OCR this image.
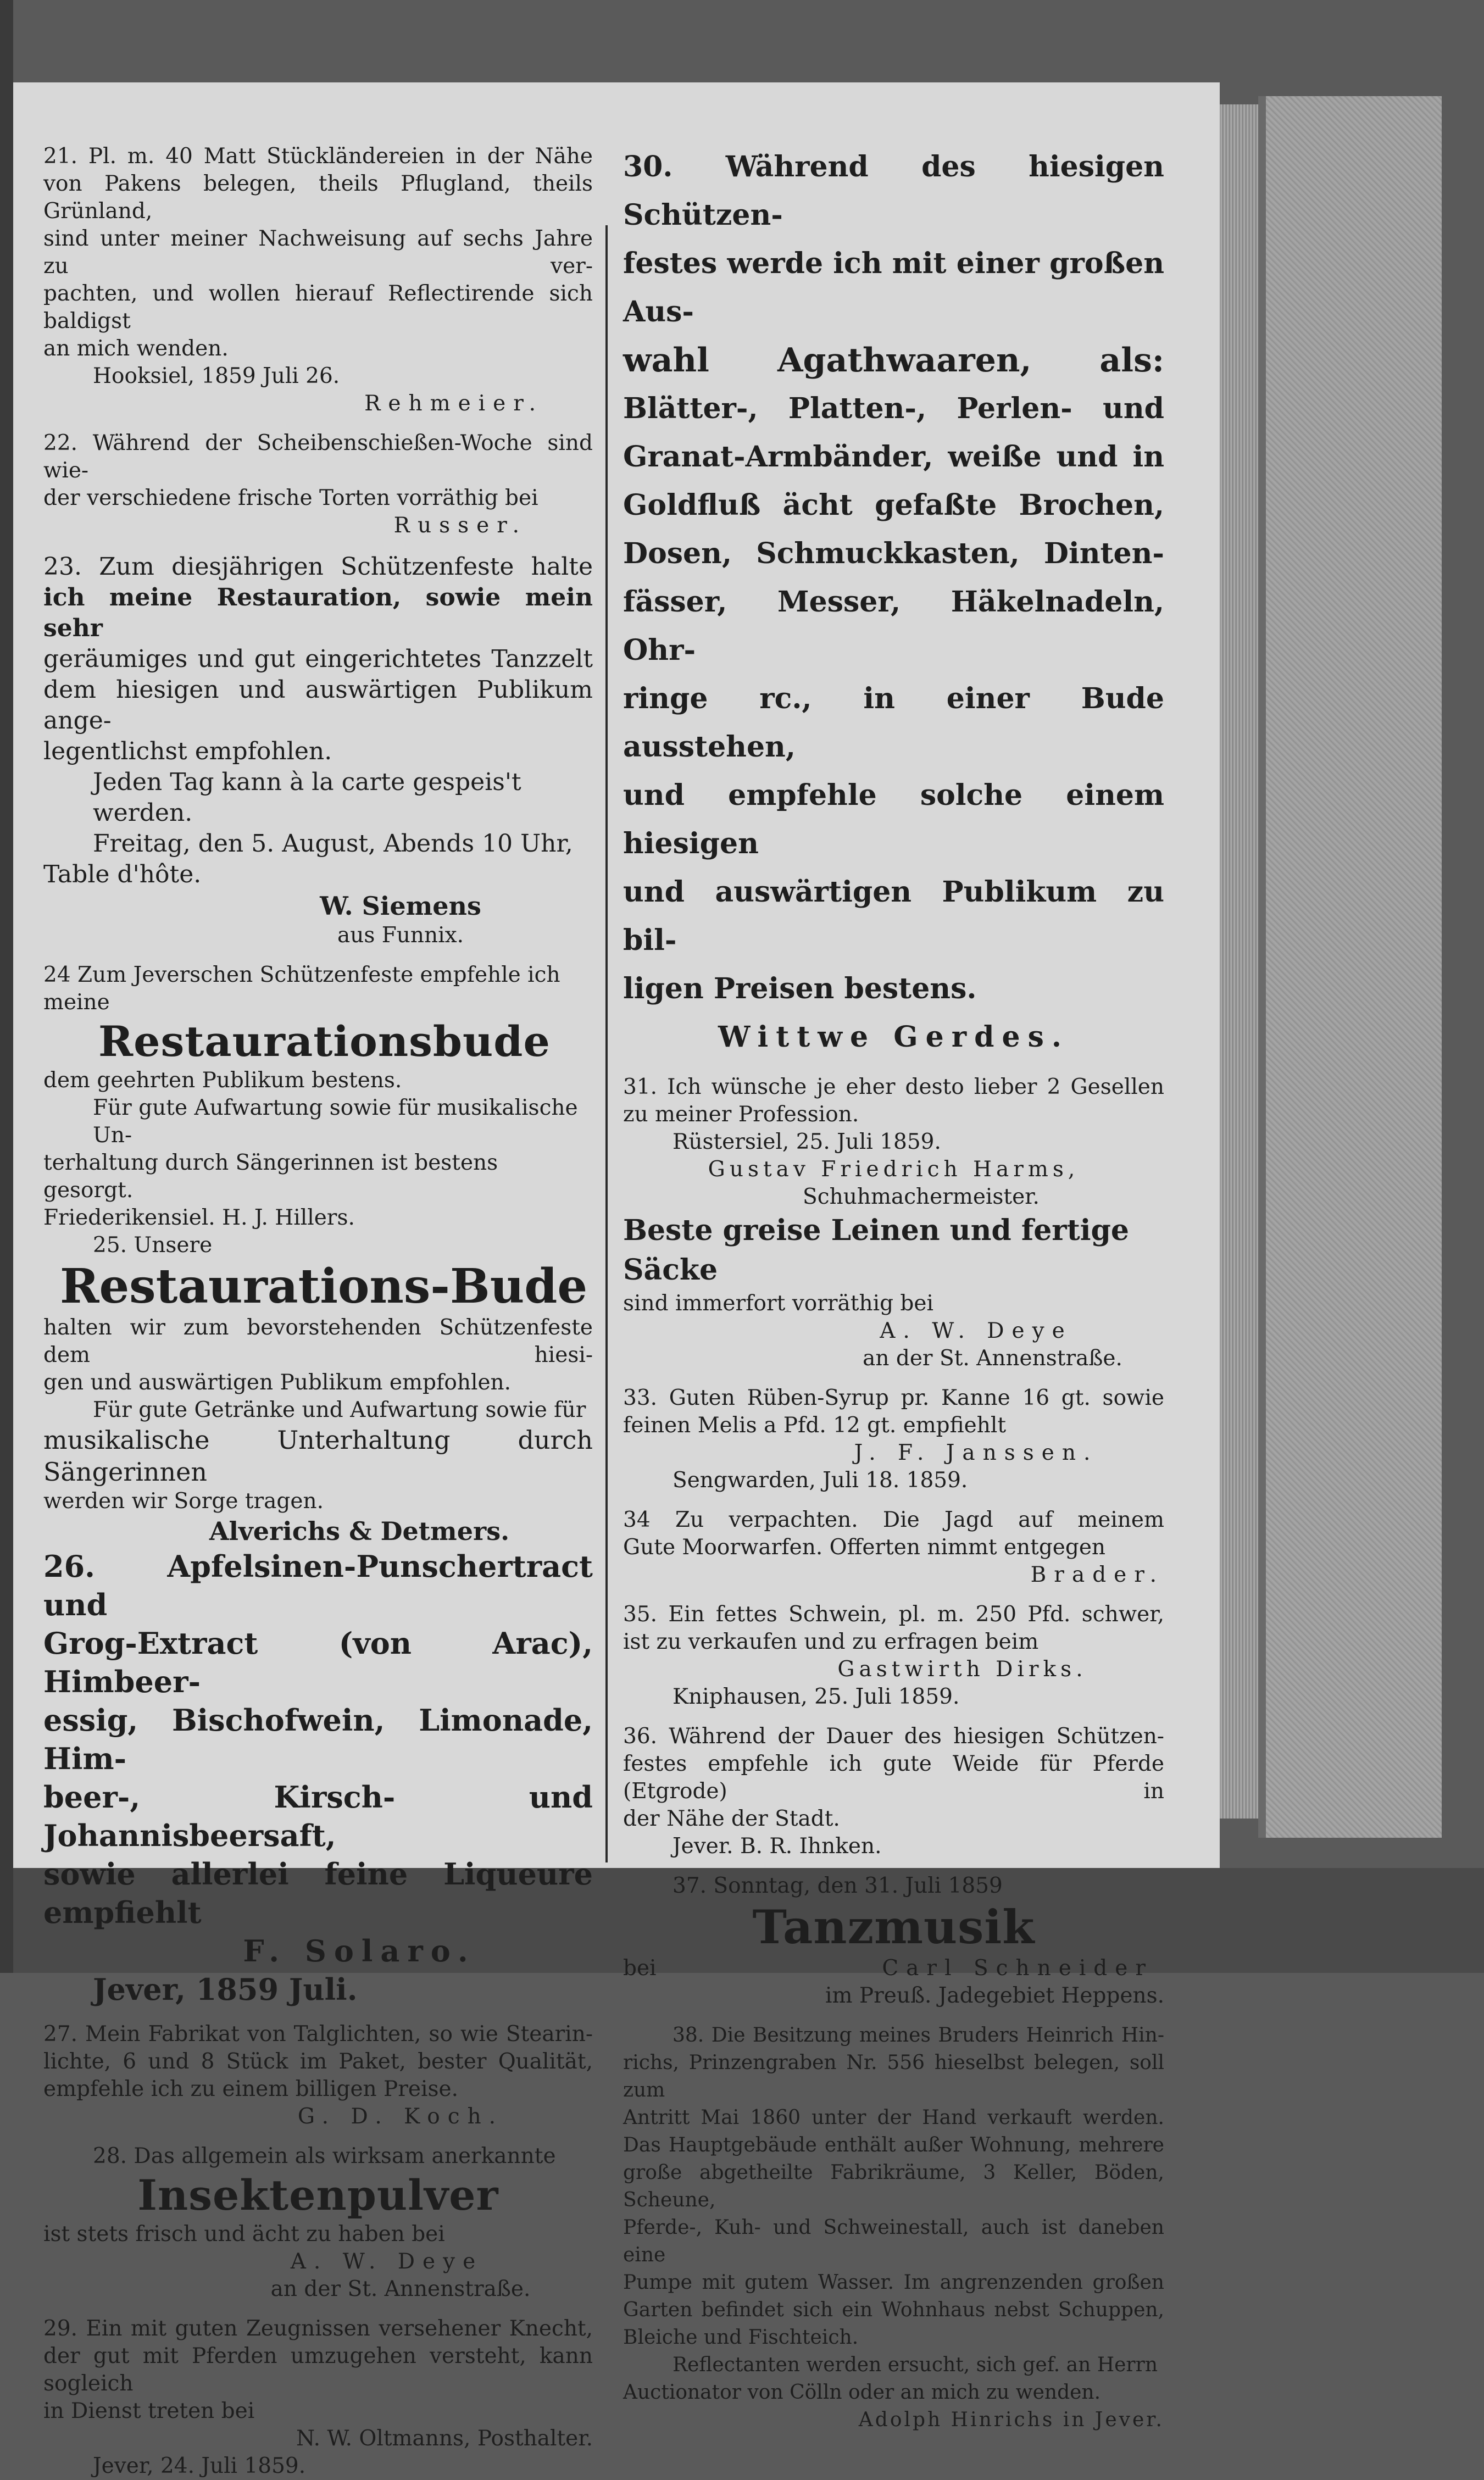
21. Pl. m. 40 Matt Stückländereien in der Nähe

von Pakens belegen, theils Pflugland, theils Grünland,

sind unter meiner Nachweisung auf sechs Jahre zu ver-

pachten, und wollen hierauf Reflectirende sich baldigst

an mich wenden.

Hooksiel, 1859 Juli 26.

Rehmeier.

22. Während der Scheibenschießen-Woche sind wie-

der verschiedene frische Torten vorräthig bei

Russer.

23. Zum diesjährigen Schützenfeste halte

ich meine Restauration, sowie mein sehr

geräumiges und gut eingerichtetes Tanzzelt

dem hiesigen und auswärtigen Publikum ange-

legentlichst empfohlen.

Jeden Tag kann à la carte gespeis't werden.

Freitag, den 5. August, Abends 10 Uhr,

Table d'hôte.

W. Siemens

aus Funnix.

24 Zum Jeverschen Schützenfeste empfehle ich meine

Restaurationsbude

dem geehrten Publikum bestens.

Für gute Aufwartung sowie für musikalische Un-

terhaltung durch Sängerinnen ist bestens gesorgt.

Friederikensiel. H. J. Hillers.

25. Unsere

Restaurations-Bude

halten wir zum bevorstehenden Schützenfeste dem hiesi-

gen und auswärtigen Publikum empfohlen.

Für gute Getränke und Aufwartung sowie für

musikalische Unterhaltung durch Sängerinnen

werden wir Sorge tragen.

Alverichs & Detmers.

26. Apfelsinen-Punschertract und

Grog-Extract (von Arac), Himbeer-

essig, Bischofwein, Limonade, Him-

beer-, Kirsch- und Johannisbeersaft,

sowie allerlei feine Liqueure empfiehlt

F. Solaro.

Jever, 1859 Juli.

27. Mein Fabrikat von Talglichten, so wie Stearin-

lichte, 6 und 8 Stück im Paket, bester Qualität,

empfehle ich zu einem billigen Preise.

G. D. Koch.

28. Das allgemein als wirksam anerkannte

Insektenpulver

ist stets frisch und ächt zu haben bei

A. W. Deye

an der St. Annenstraße.

29. Ein mit guten Zeugnissen versehener Knecht,

der gut mit Pferden umzugehen versteht, kann sogleich

in Dienst treten bei

N. W. Oltmanns, Posthalter.

Jever, 24. Juli 1859.

30. Während des hiesigen Schützen-

festes werde ich mit einer großen Aus-

wahl Agathwaaren, als:

Blätter-, Platten-, Perlen- und

Granat-Armbänder, weiße und in

Goldfluß ächt gefaßte Brochen,

Dosen, Schmuckkasten, Dinten-

fässer, Messer, Häkelnadeln, Ohr-

ringe rc., in einer Bude ausstehen,

und empfehle solche einem hiesigen

und auswärtigen Publikum zu bil-

ligen Preisen bestens.

Wittwe Gerdes.

31. Ich wünsche je eher desto lieber 2 Gesellen

zu meiner Profession.

Rüstersiel, 25. Juli 1859.

Gustav Friedrich Harms,

Schuhmachermeister.

Beste greise Leinen und fertige Säcke

sind immerfort vorräthig bei

A. W. Deye

an der St. Annenstraße.

33. Guten Rüben-Syrup pr. Kanne 16 gt. sowie

feinen Melis a Pfd. 12 gt. empfiehlt

J. F. Janssen.

Sengwarden, Juli 18. 1859.

34 Zu verpachten. Die Jagd auf meinem

Gute Moorwarfen. Offerten nimmt entgegen

Brader.

35. Ein fettes Schwein, pl. m. 250 Pfd. schwer,

ist zu verkaufen und zu erfragen beim

Gastwirth Dirks.

Kniphausen, 25. Juli 1859.

36. Während der Dauer des hiesigen Schützen-

festes empfehle ich gute Weide für Pferde (Etgrode) in

der Nähe der Stadt.

Jever. B. R. Ihnken.

37. Sonntag, den 31. Juli 1859

Tanzmusik

bei	Carl Schneider

im Preuß. Jadegebiet Heppens.

38. Die Besitzung meines Bruders Heinrich Hin-

richs, Prinzengraben Nr. 556 hieselbst belegen, soll zum

Antritt Mai 1860 unter der Hand verkauft werden.

Das Hauptgebäude enthält außer Wohnung, mehrere

große abgetheilte Fabrikräume, 3 Keller, Böden, Scheune,

Pferde-, Kuh- und Schweinestall, auch ist daneben eine

Pumpe mit gutem Wasser. Im angrenzenden großen

Garten befindet sich ein Wohnhaus nebst Schuppen,

Bleiche und Fischteich.

Reflectanten werden ersucht, sich gef. an Herrn

Auctionator von Cölln oder an mich zu wenden.

Adolph Hinrichs in Jever.
